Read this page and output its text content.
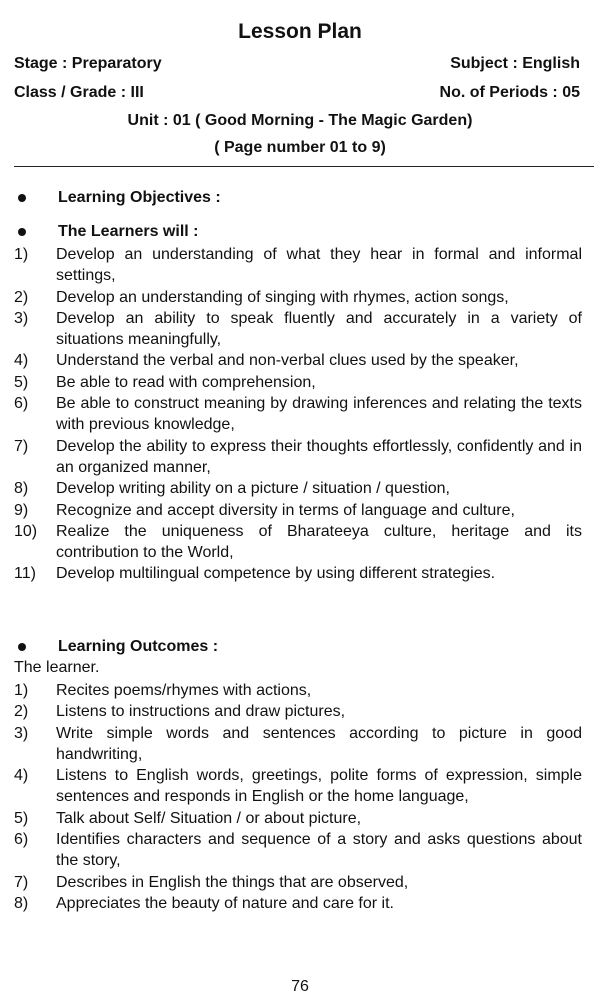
Lesson Plan
Stage : Preparatory	Subject : English
Class / Grade : III	No. of Periods : 05
Unit : 01 ( Good Morning - The Magic Garden)
( Page number 01 to 9)
Learning Objectives :
The Learners will :
1)	Develop an understanding of what they hear in formal and informal settings,
2)	Develop an understanding of singing with rhymes, action songs,
3)	Develop an ability to speak fluently and accurately in a variety of situations meaningfully,
4)	Understand the verbal and non-verbal clues used by the speaker,
5)	Be able to read with comprehension,
6)	Be able to construct meaning by drawing inferences and relating the texts with previous knowledge,
7)	Develop the ability to express their thoughts effortlessly, confidently and in an organized manner,
8)	Develop writing ability on a picture / situation / question,
9)	Recognize and accept diversity in terms of language and culture,
10)	Realize the uniqueness of Bharateeya culture, heritage and its contribution to the World,
11)	Develop multilingual competence by using different strategies.
Learning Outcomes :
The learner.
1)	Recites poems/rhymes with actions,
2)	Listens to instructions and draw pictures,
3)	Write simple words and sentences according to picture in good handwriting,
4)	Listens to English words, greetings, polite forms of expression, simple sentences and responds in English or the home language,
5)	Talk about Self/ Situation / or about picture,
6)	Identifies characters and sequence of a story and asks questions about the story,
7)	Describes in English the things that are observed,
8)	Appreciates the beauty of nature and care for it.
76
